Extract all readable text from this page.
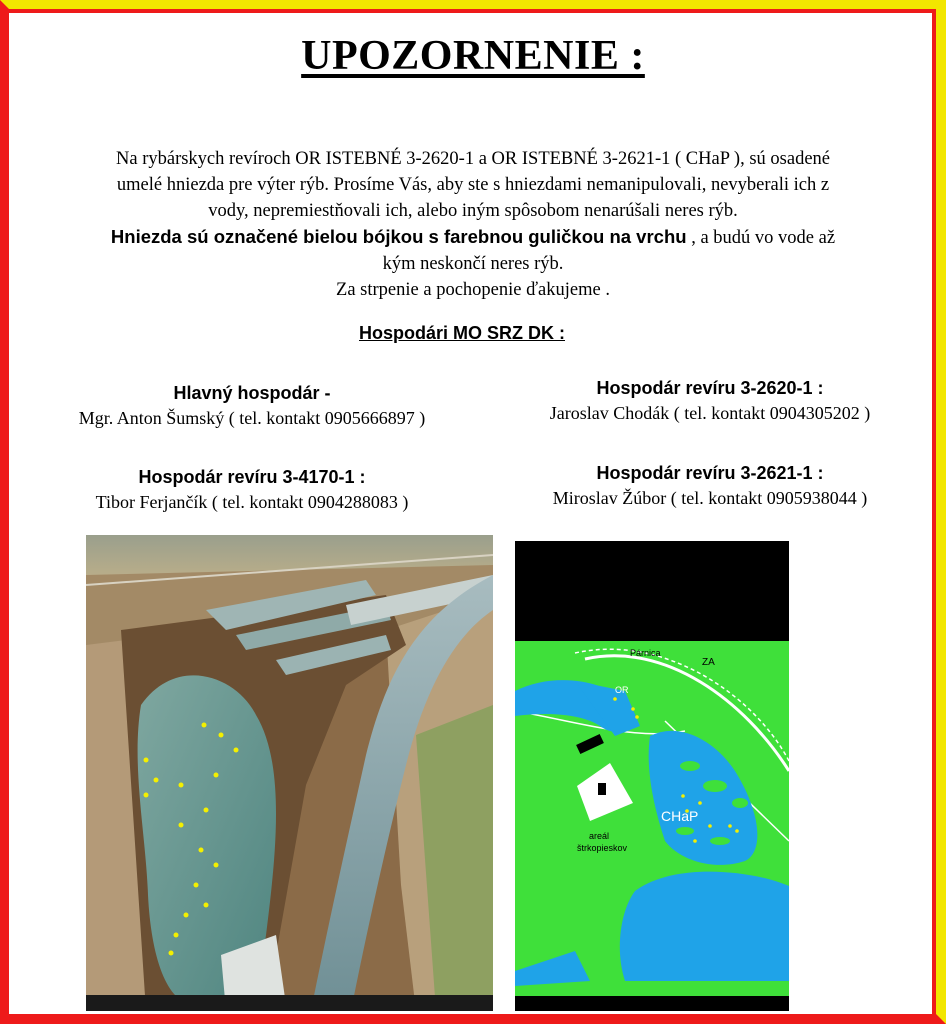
UPOZORNENIE :
Na rybárskych revíroch OR ISTEBNÉ 3-2620-1 a OR ISTEBNÉ 3-2621-1 ( CHaP ), sú osadené
umelé hniezda pre výter rýb. Prosíme Vás, aby ste s hniezdami nemanipulovali, nevyberali ich z
vody, nepremiestňovali ich, alebo iným spôsobom nenarúšali neres rýb.
Hniezda sú označené bielou bójkou s farebnou guličkou na vrchu , a budú vo vode až
kým neskončí neres rýb.
Za strpenie a pochopenie ďakujeme .
Hospodári MO SRZ DK :
Hlavný hospodár -
Mgr. Anton Šumský ( tel. kontakt 0905666897 )
Hospodár revíru 3-2620-1 :
Jaroslav Chodák ( tel. kontakt 0904305202 )
Hospodár revíru 3-4170-1 :
Tibor Ferjančík ( tel. kontakt 0904288083 )
Hospodár revíru 3-2621-1 :
Miroslav Žúbor ( tel. kontakt 0905938044 )
Párnica
ZA
OR
CHaP
areál
štrkopieskov
